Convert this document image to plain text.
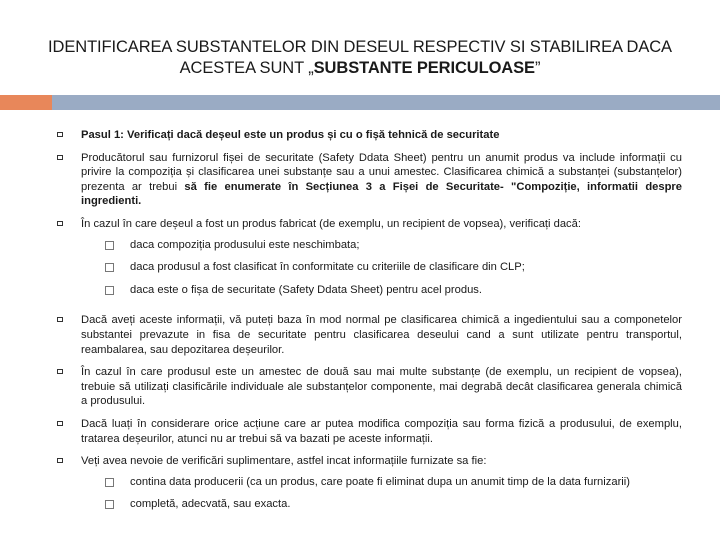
IDENTIFICAREA SUBSTANTELOR DIN DESEUL RESPECTIV SI STABILIREA DACA
ACESTEA SUNT „SUBSTANTE PERICULOASE”
Pasul 1: Verificați dacă deșeul este un produs și cu o fișă tehnică de securitate
Producătorul sau furnizorul fișei de securitate (Safety Ddata Sheet) pentru un anumit produs va include informații cu privire la compoziția și clasificarea unei substanțe sau a unui amestec. Clasificarea chimică a substanței (substanțelor) prezenta ar trebui să fie enumerate în Secțiunea 3 a Fișei de Securitate- "Compoziție, informatii despre ingredienti.
În cazul în care deșeul a fost un produs fabricat (de exemplu, un recipient de vopsea), verificați dacă:
daca compoziția produsului este neschimbata;
daca produsul a fost clasificat în conformitate cu criteriile de clasificare din CLP;
daca este o fișa de securitate (Safety Ddata Sheet) pentru acel produs.
Dacă aveți aceste informații, vă puteți baza în mod normal pe clasificarea chimică a ingedientului sau a componetelor substantei prevazute in fisa de securitate pentru clasificarea deseului cand a sunt utilizate pentru transportul, reambalarea, sau depozitarea deșeurilor.
În cazul în care produsul este un amestec de două sau mai multe substanțe (de exemplu, un recipient de vopsea), trebuie să utilizați clasificările individuale ale substanțelor componente, mai degrabă decât clasificarea generala chimică a produsului.
Dacă luați în considerare orice acțiune care ar putea modifica compoziția sau forma fizică a produsului, de exemplu, tratarea deșeurilor, atunci nu ar trebui să va bazati pe aceste informații.
Veți avea nevoie de verificări suplimentare, astfel incat informațiile furnizate sa fie:
contina data producerii (ca un produs, care poate fi eliminat dupa un anumit timp de la data furnizarii)
completă, adecvată, sau exacta.
